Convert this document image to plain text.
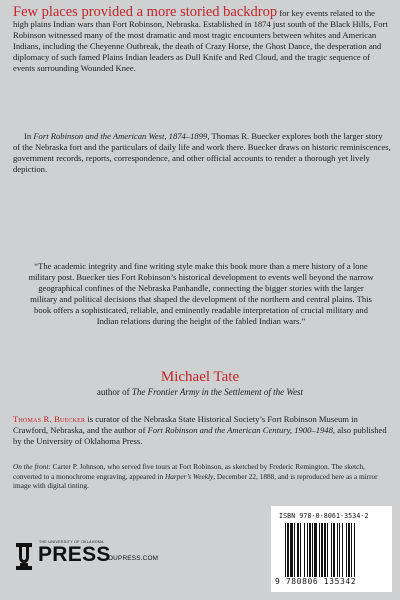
Few places provided a more storied backdrop for key events related to the high plains Indian wars than Fort Robinson, Nebraska. Established in 1874 just south of the Black Hills, Fort Robinson witnessed many of the most dramatic and most tragic encounters between whites and American Indians, including the Cheyenne Outbreak, the death of Crazy Horse, the Ghost Dance, the desperation and diplomacy of such famed Plains Indian leaders as Dull Knife and Red Cloud, and the tragic sequence of events surrounding Wounded Knee.

In Fort Robinson and the American West, 1874–1899, Thomas R. Buecker explores both the larger story of the Nebraska fort and the particulars of daily life and work there. Buecker draws on historic reminiscences, government records, reports, correspondence, and other official accounts to render a thorough yet lively depiction.

“The academic integrity and fine writing style make this book more than a mere history of a lone military post. Buecker ties Fort Robinson’s historical development to events well beyond the narrow geographical confines of the Nebraska Panhandle, connecting the bigger stories with the larger military and political decisions that shaped the development of the northern and central plains. This book offers a sophisticated, reliable, and eminently readable interpretation of crucial military and Indian relations during the height of the fabled Indian wars.”

Michael Tate
author of The Frontier Army in the Settlement of the West

Thomas R. Buecker is curator of the Nebraska State Historical Society’s Fort Robinson Museum in Crawford, Nebraska, and the author of Fort Robinson and the American Century, 1900–1948, also published by the University of Oklahoma Press.

On the front: Carter P. Johnson, who served five tours at Fort Robinson, as sketched by Frederic Remington. The sketch, converted to a monochrome engraving, appeared in Harper’s Weekly, December 22, 1888, and is reproduced here as a mirror image with digital tinting.

THE UNIVERSITY OF OKLAHOMA
PRESS
OUPRESS.COM
ISBN 978-0-8061-3534-2
9 780806 135342
